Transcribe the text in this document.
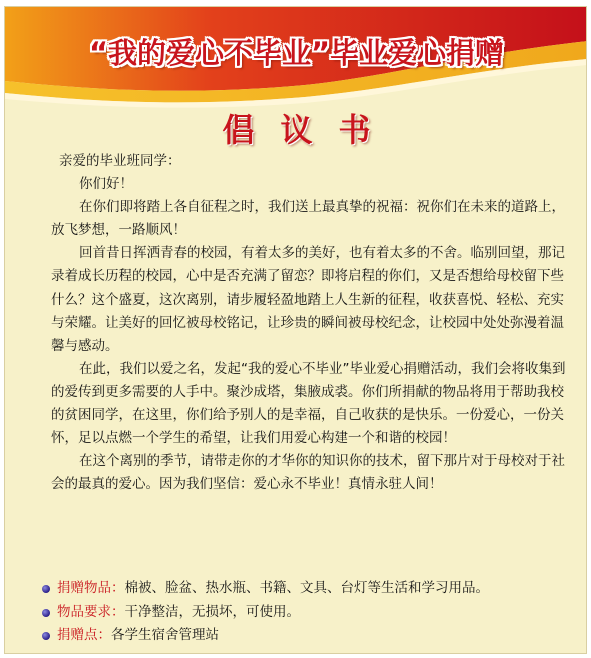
“我的爱心不毕业”毕业爱心捐赠
倡议书

亲爱的毕业班同学：

你们好！

在你们即将踏上各自征程之时，我们送上最真挚的祝福：祝你们在未来的道路上，放飞梦想，一路顺风！

回首昔日挥洒青春的校园，有着太多的美好，也有着太多的不舍。临别回望，那记录着成长历程的校园，心中是否充满了留恋？即将启程的你们，又是否想给母校留下些什么？这个盛夏，这次离别，请步履轻盈地踏上人生新的征程，收获喜悦、轻松、充实与荣耀。让美好的回忆被母校铭记，让珍贵的瞬间被母校纪念，让校园中处处弥漫着温馨与感动。

在此，我们以爱之名，发起“我的爱心不毕业”毕业爱心捐赠活动，我们会将收集到的爱传到更多需要的人手中。聚沙成塔，集腋成裘。你们所捐献的物品将用于帮助我校的贫困同学，在这里，你们给予别人的是幸福，自己收获的是快乐。一份爱心，一份关怀，足以点燃一个学生的希望，让我们用爱心构建一个和谐的校园！

在这个离别的季节，请带走你的才华你的知识你的技术，留下那片对于母校对于社会的最真的爱心。因为我们坚信：爱心永不毕业！真情永驻人间！

捐赠物品：棉被、脸盆、热水瓶、书籍、文具、台灯等生活和学习用品。
物品要求：干净整洁，无损坏，可使用。
捐赠点：各学生宿舍管理站
